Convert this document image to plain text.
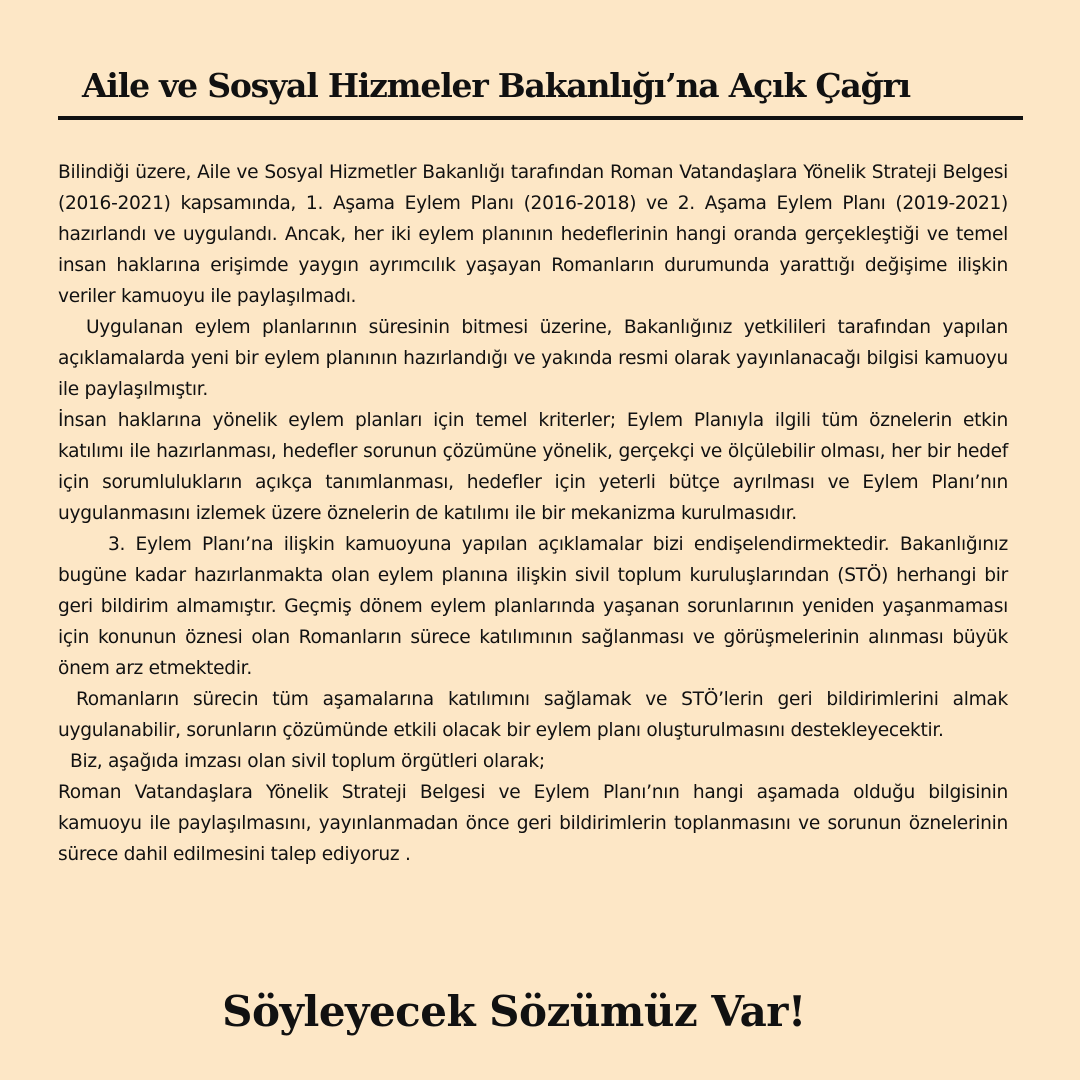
Aile ve Sosyal Hizmeler Bakanlığı’na Açık Çağrı

Bilindiği üzere, Aile ve Sosyal Hizmetler Bakanlığı tarafından Roman Vatandaşlara Yönelik Strateji Belgesi (2016-2021) kapsamında, 1. Aşama Eylem Planı (2016-2018) ve 2. Aşama Eylem Planı (2019-2021) hazırlandı ve uygulandı. Ancak, her iki eylem planının hedeflerinin hangi oranda gerçekleştiği ve temel insan haklarına erişimde yaygın ayrımcılık yaşayan Romanların durumunda yarattığı değişime ilişkin veriler kamuoyu ile paylaşılmadı.

Uygulanan eylem planlarının süresinin bitmesi üzerine, Bakanlığınız yetkilileri tarafından yapılan açıklamalarda yeni bir eylem planının hazırlandığı ve yakında resmi olarak yayınlanacağı bilgisi kamuoyu ile paylaşılmıştır.

İnsan haklarına yönelik eylem planları için temel kriterler; Eylem Planıyla ilgili tüm öznelerin etkin katılımı ile hazırlanması, hedefler sorunun çözümüne yönelik, gerçekçi ve ölçülebilir olması, her bir hedef için sorumlulukların açıkça tanımlanması, hedefler için yeterli bütçe ayrılması ve Eylem Planı’nın uygulanmasını izlemek üzere öznelerin de katılımı ile bir mekanizma kurulmasıdır.

3. Eylem Planı’na ilişkin kamuoyuna yapılan açıklamalar bizi endişelendirmektedir. Bakanlığınız bugüne kadar hazırlanmakta olan eylem planına ilişkin sivil toplum kuruluşlarından (STÖ) herhangi bir geri bildirim almamıştır. Geçmiş dönem eylem planlarında yaşanan sorunlarının yeniden yaşanmaması için konunun öznesi olan Romanların sürece katılımının sağlanması ve görüşmelerinin alınması büyük önem arz etmektedir.

Romanların sürecin tüm aşamalarına katılımını sağlamak ve STÖ’lerin geri bildirimlerini almak uygulanabilir, sorunların çözümünde etkili olacak bir eylem planı oluşturulmasını destekleyecektir.

Biz, aşağıda imzası olan sivil toplum örgütleri olarak;

Roman Vatandaşlara Yönelik Strateji Belgesi ve Eylem Planı’nın hangi aşamada olduğu bilgisinin kamuoyu ile paylaşılmasını, yayınlanmadan önce geri bildirimlerin toplanmasını ve sorunun öznelerinin sürece dahil edilmesini talep ediyoruz .

Söyleyecek Sözümüz Var!
